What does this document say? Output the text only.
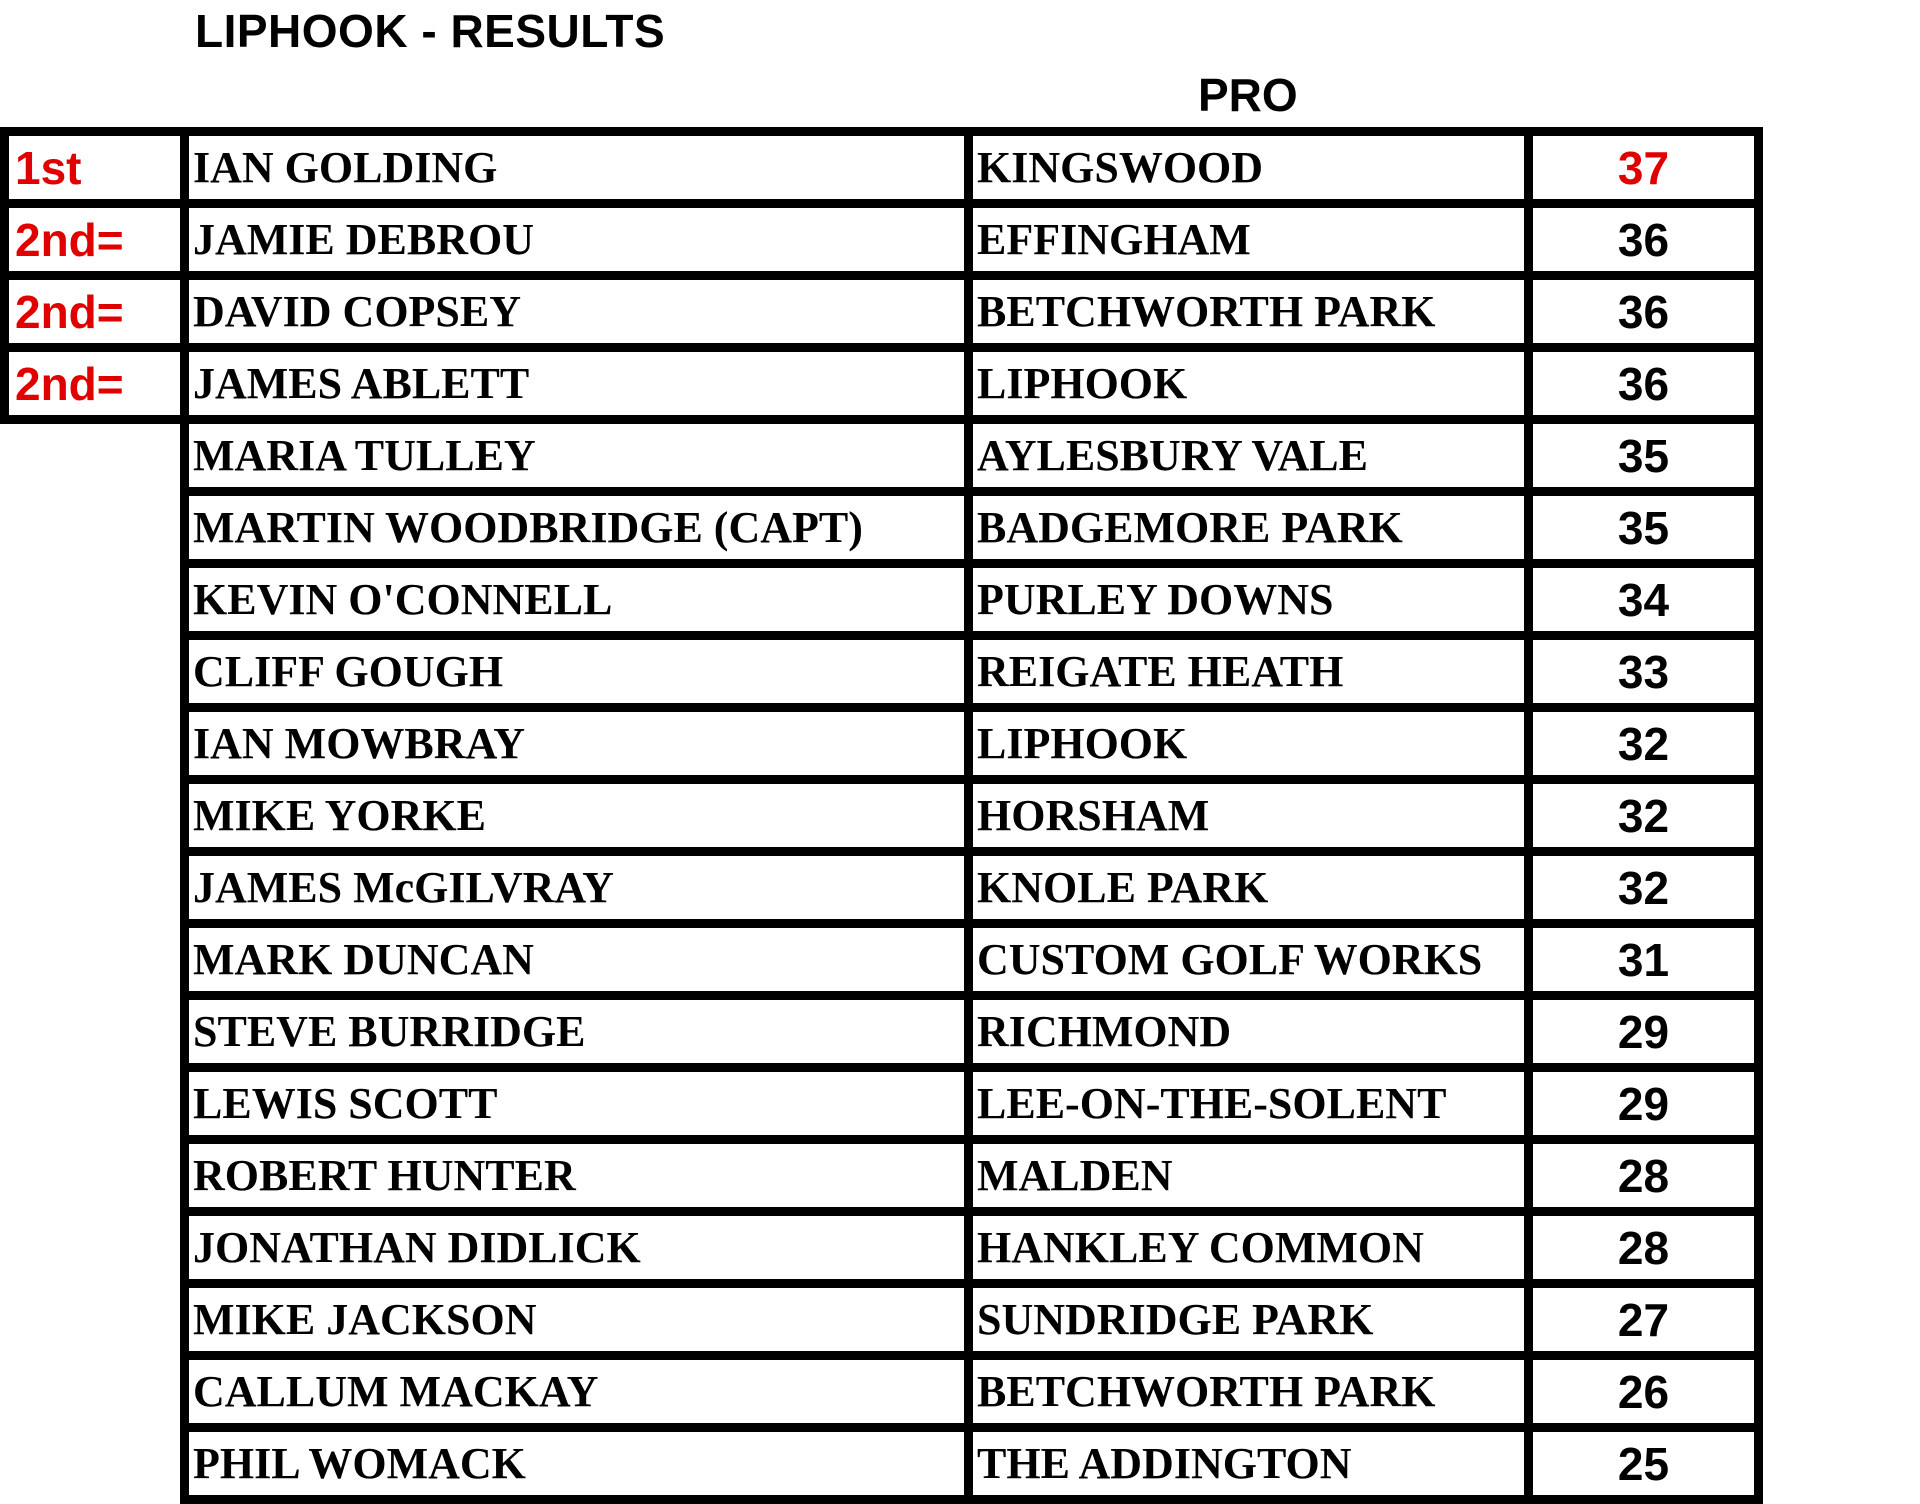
LIPHOOK - RESULTS
PRO
1st	IAN GOLDING	KINGSWOOD	37
2nd=	JAMIE DEBROU	EFFINGHAM	36
2nd=	DAVID COPSEY	BETCHWORTH PARK	36
2nd=	JAMES ABLETT	LIPHOOK	36
	MARIA TULLEY	AYLESBURY VALE	35
	MARTIN WOODBRIDGE (CAPT)	BADGEMORE PARK	35
	KEVIN O'CONNELL	PURLEY DOWNS	34
	CLIFF GOUGH	REIGATE HEATH	33
	IAN MOWBRAY	LIPHOOK	32
	MIKE YORKE	HORSHAM	32
	JAMES McGILVRAY	KNOLE PARK	32
	MARK DUNCAN	CUSTOM GOLF WORKS	31
	STEVE BURRIDGE	RICHMOND	29
	LEWIS SCOTT	LEE-ON-THE-SOLENT	29
	ROBERT HUNTER	MALDEN	28
	JONATHAN DIDLICK	HANKLEY COMMON	28
	MIKE JACKSON	SUNDRIDGE PARK	27
	CALLUM MACKAY	BETCHWORTH PARK	26
	PHIL WOMACK	THE ADDINGTON	25
